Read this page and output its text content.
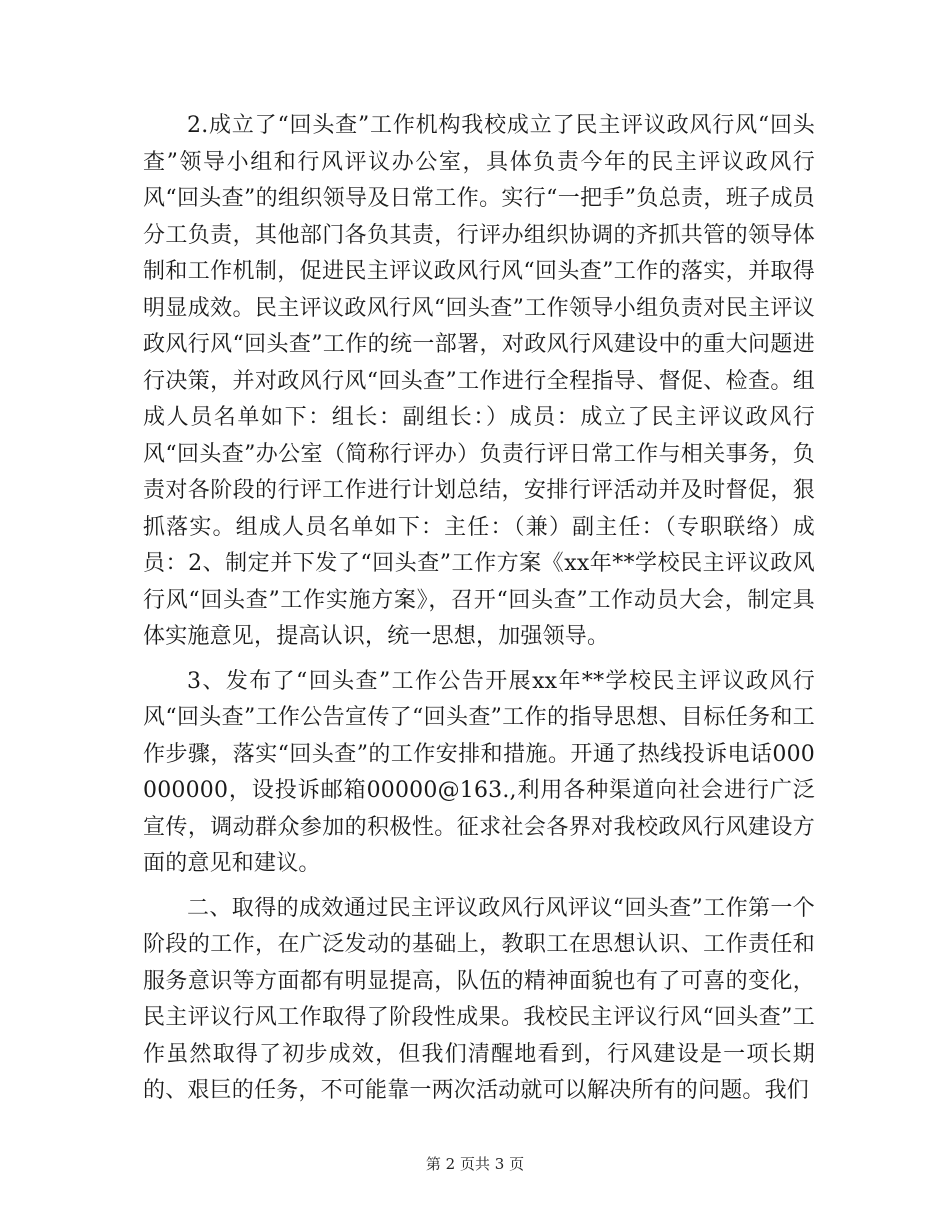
2.成立了“回头查”工作机构我校成立了民主评议政风行风“回头查”领导小组和行风评议办公室，具体负责今年的民主评议政风行风“回头查”的组织领导及日常工作。实行“一把手”负总责，班子成员分工负责，其他部门各负其责，行评办组织协调的齐抓共管的领导体制和工作机制，促进民主评议政风行风“回头查”工作的落实，并取得明显成效。民主评议政风行风“回头查”工作领导小组负责对民主评议政风行风“回头查”工作的统一部署，对政风行风建设中的重大问题进行决策，并对政风行风“回头查”工作进行全程指导、督促、检查。组成人员名单如下：组长：副组长：）成员：成立了民主评议政风行风“回头查”办公室（简称行评办）负责行评日常工作与相关事务，负责对各阶段的行评工作进行计划总结，安排行评活动并及时督促，狠抓落实。组成人员名单如下：主任：（兼）副主任：（专职联络）成员：2、制定并下发了“回头查”工作方案《xx年**学校民主评议政风行风“回头查”工作实施方案》，召开“回头查”工作动员大会，制定具体实施意见，提高认识，统一思想，加强领导。

3、发布了“回头查”工作公告开展xx年**学校民主评议政风行风“回头查”工作公告宣传了“回头查”工作的指导思想、目标任务和工作步骤，落实“回头查”的工作安排和措施。开通了热线投诉电话000000000，设投诉邮箱00000@163.,利用各种渠道向社会进行广泛宣传，调动群众参加的积极性。征求社会各界对我校政风行风建设方面的意见和建议。

二、取得的成效通过民主评议政风行风评议“回头查”工作第一个阶段的工作，在广泛发动的基础上，教职工在思想认识、工作责任和服务意识等方面都有明显提高，队伍的精神面貌也有了可喜的变化，民主评议行风工作取得了阶段性成果。我校民主评议行风“回头查”工作虽然取得了初步成效，但我们清醒地看到，行风建设是一项长期的、艰巨的任务，不可能靠一两次活动就可以解决所有的问题。我们

第 2 页共 3 页
